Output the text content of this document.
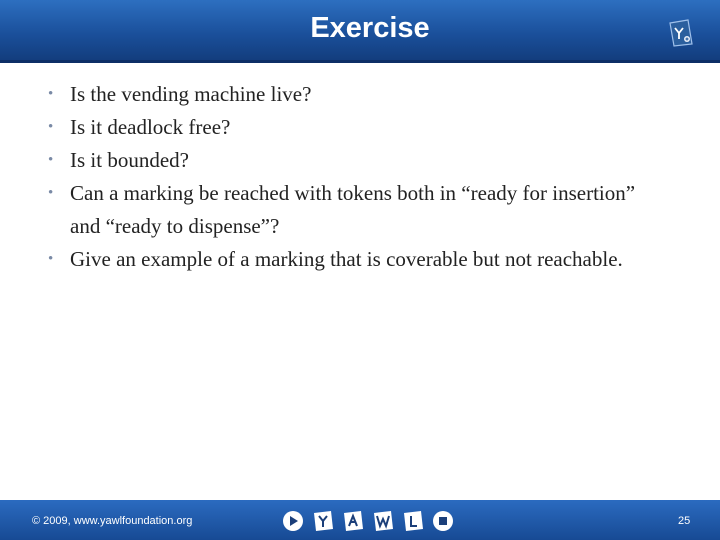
Exercise
• Is the vending machine live?
• Is it deadlock free?
• Is it bounded?
• Can a marking be reached with tokens both in “ready for insertion” and “ready to dispense”?
• Give an example of a marking that is coverable but not reachable.
© 2009, www.yawlfoundation.org	25
